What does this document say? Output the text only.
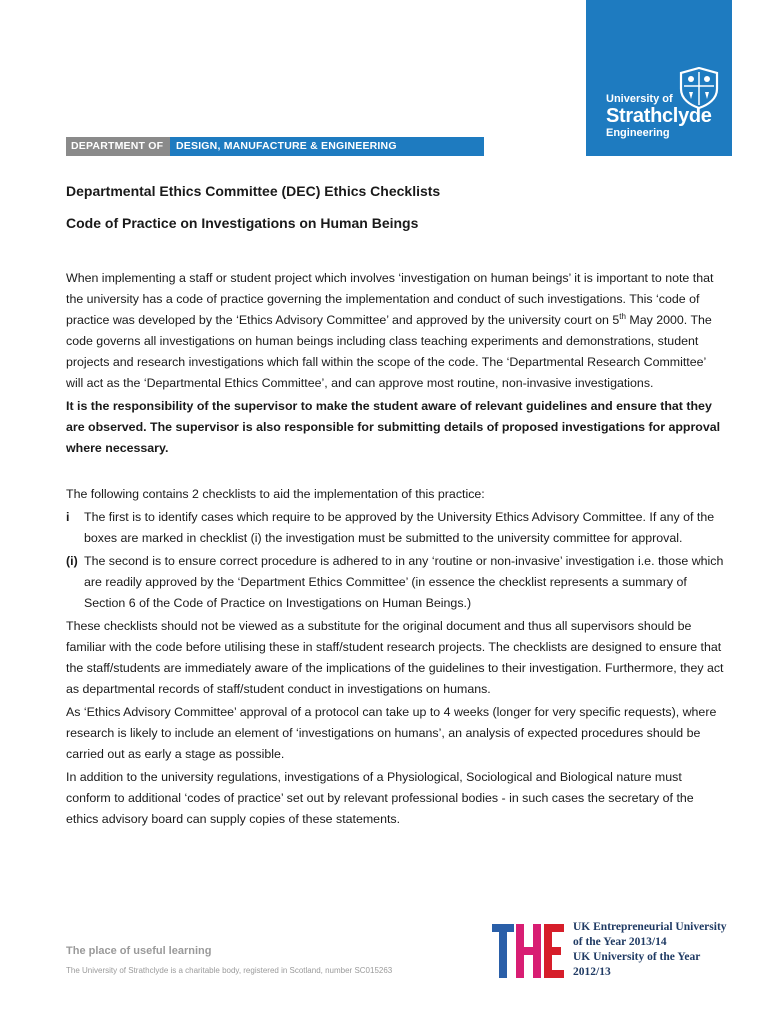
University of
Strathclyde
Engineering
DEPARTMENT OF	DESIGN, MANUFACTURE & ENGINEERING MANAGEMENT
Departmental Ethics Committee (DEC) Ethics Checklists
Code of Practice on Investigations on Human Beings

When implementing a staff or student project which involves ‘investigation on human beings’ it is important to note that the university has a code of practice governing the implementation and conduct of such investigations. This ‘code of practice was developed by the ‘Ethics Advisory Committee’ and approved by the university court on 5th May 2000. The code governs all investigations on human beings including class teaching experiments and demonstrations, student projects and research investigations which fall within the scope of the code. The ‘Departmental Research Committee’ will act as the ‘Departmental Ethics Committee’, and can approve most routine, non-invasive investigations.

It is the responsibility of the supervisor to make the student aware of relevant guidelines and ensure that they are observed. The supervisor is also responsible for submitting details of proposed investigations for approval where necessary.

The following contains 2 checklists to aid the implementation of this practice:

i	The first is to identify cases which require to be approved by the University Ethics Advisory Committee. If any of the boxes are marked in checklist (i) the investigation must be submitted to the university committee for approval.
(i) The second is to ensure correct procedure is adhered to in any ‘routine or non-invasive’ investigation i.e. those which are readily approved by the ‘Department Ethics Committee’ (in essence the checklist represents a summary of Section 6 of the Code of Practice on Investigations on Human Beings.)

These checklists should not be viewed as a substitute for the original document and thus all supervisors should be familiar with the code before utilising these in staff/student research projects. The checklists are designed to ensure that the staff/students are immediately aware of the implications of the guidelines to their investigation. Furthermore, they act as departmental records of staff/student conduct in investigations on humans.

As ‘Ethics Advisory Committee’ approval of a protocol can take up to 4 weeks (longer for very specific requests), where research is likely to include an element of ‘investigations on humans’, an analysis of expected procedures should be carried out as early a stage as possible.

In addition to the university regulations, investigations of a Physiological, Sociological and Biological nature must conform to additional ‘codes of practice’ set out by relevant professional bodies - in such cases the secretary of the ethics advisory board can supply copies of these statements.

The place of useful learning
The University of Strathclyde is a charitable body, registered in Scotland, number SC015263
THE	UK Entrepreneurial University
of the Year 2013/14
UK University of the Year
2012/13
